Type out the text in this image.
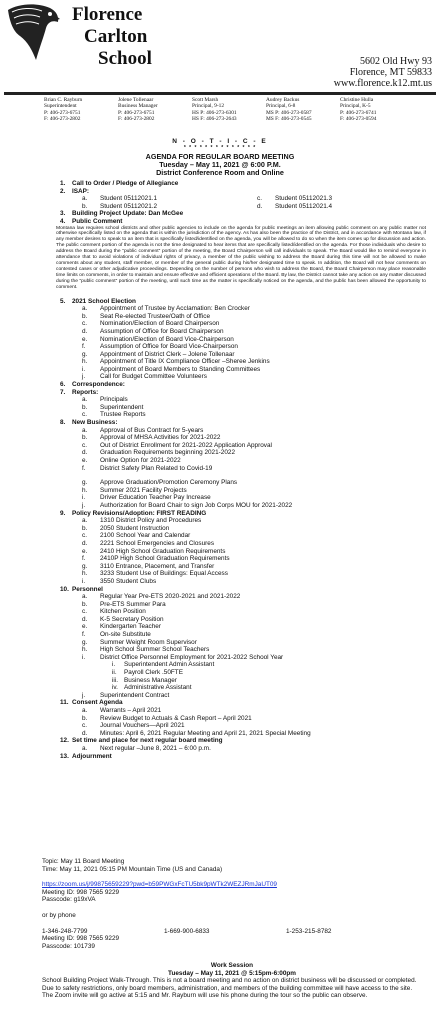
Florence
Carlton
School	5602 Old Hwy 93
Florence, MT 59833
www.florence.k12.mt.us
Brian C. Rayburn
Superintendent
P: 406-273-6751
F: 406-273-2802
Jolene Tollenaar
Business Manager
P: 406-273-6751
F: 406-273-2802
Scott Marsh
Principal, 9-12
HS P: 406-273-6301
HS F: 406-273-2643
Audrey Backus
Principal, 6-8
MS P: 406-273-0587
MS F: 406-273-0545
Christine Hulla
Principal, K-5
P: 406-273-6741
F: 406-273-0594
N - O - T - I - C - E
* * * * * * * * * * * * * *
AGENDA FOR REGULAR BOARD MEETING
Tuesday – May 11, 2021 @ 6:00 P.M.
District Conference Room and Online
1.	Call to Order / Pledge of Allegiance
2.	ISAP:
a.	Student 05112021.1	c.	Student 05112021.3
b.	Student 05112021.2	d.	Student 05112021.4
3.	Building Project Update: Dan McGee
4.	Public Comment
Montana law requires school districts and other public agencies to include on the agenda for public meetings an item allowing public comment on any public matter not otherwise specifically listed on the agenda that is within the jurisdiction of the agency. As has also been the practice of the District, and in accordance with Montana law, if any member desires to speak to an item that is specifically listed/identified on the agenda, you will be allowed to do so when the item comes up for discussion and action. The public comment portion of the agenda is not the time designated to hear items that are specifically listed/identified on the agenda. For those individuals who desire to address the Board during the “public comment” portion of the meeting, the Board Chairperson will call individuals to speak. The Board would like to remind everyone in attendance that to avoid violations of individual rights of privacy, a member of the public wishing to address the Board during this time will not be allowed to make comments about any student, staff member, or member of the general public during his/her designated time to speak. In addition, the Board will not hear comments on contested cases or other adjudicative proceedings. Depending on the number of persons who wish to address the Board, the Board Chairperson may place reasonable time limits on comments, in order to maintain and ensure effective and efficient operations of the Board. By law, the District cannot take any action on any matter discussed during the “public comment” portion of the meeting, until such time as the matter is specifically noticed on the agenda, and the public has been allowed the opportunity to comment.
5.	2021 School Election
a.	Appointment of Trustee by Acclamation: Ben Crocker
b.	Seat Re-elected Trustee/Oath of Office
c.	Nomination/Election of Board Chairperson
d.	Assumption of Office for Board Chairperson
e.	Nomination/Election of Board Vice-Chairperson
f.	Assumption of Office for Board Vice-Chairperson
g.	Appointment of District Clerk – Jolene Tollenaar
h.	Appointment of Title IX Compliance Officer –Sheree Jenkins
i.	Appointment of Board Members to Standing Committees
j.	Call for Budget Committee Volunteers
6.	Correspondence:
7.	Reports:
a.	Principals
b.	Superintendent
c.	Trustee Reports
8.	New Business:
a.	Approval of Bus Contract for 5-years
b.	Approval of MHSA Activities for 2021-2022
c.	Out of District Enrollment for 2021-2022 Application Approval
d.	Graduation Requirements beginning 2021-2022
e.	Online Option for 2021-2022
f.	District Safety Plan Related to Covid-19
g.	Approve Graduation/Promotion Ceremony Plans
h.	Summer 2021 Facility Projects
i.	Driver Education Teacher Pay Increase
j.	Authorization for Board Chair to sign Job Corps MOU for 2021-2022
9.	Policy Revisions/Adoption: FIRST READING
a.	1310 District Policy and Procedures
b.	2050 Student Instruction
c.	2100 School Year and Calendar
d.	2221 School Emergencies and Closures
e.	2410 High School Graduation Requirements
f.	2410P High School Graduation Requirements
g.	3110 Entrance, Placement, and Transfer
h.	3233 Student Use of Buildings: Equal Access
i.	3550 Student Clubs
10. Personnel
a.	Regular Year Pre-ETS 2020-2021 and 2021-2022
b.	Pre-ETS Summer Para
c.	Kitchen Position
d.	K-5 Secretary Position
e.	Kindergarten Teacher
f.	On-site Substitute
g.	Summer Weight Room Supervisor
h.	High School Summer School Teachers
i.	District Office Personnel Employment for 2021-2022 School Year
i.	Superintendent Admin Assistant
ii.	Payroll Clerk .50FTE
iii. Business Manager
iv. Administrative Assistant
j.	Superintendent Contract
11. Consent Agenda
a.	Warrants – April 2021
b.	Review Budget to Actuals & Cash Report – April 2021
c.	Journal Vouchers—April 2021
d.	Minutes: April 6, 2021 Regular Meeting and April 21, 2021 Special Meeting
12. Set time and place for next regular board meeting
a.	Next regular –June 8, 2021 – 6:00 p.m.
13. Adjournment
Topic: May 11 Board Meeting
Time: May 11, 2021 05:15 PM Mountain Time (US and Canada)
https://zoom.us/j/99875659229?pwd=b59PWGxFcTU5bk9pWTk2WEZJRmJaUT09
Meeting ID: 998 7565 9229
Passcode: g19xVA
or by phone
1-346-248-7799	1-669-900-6833	1-253-215-8782
Meeting ID: 998 7565 9229
Passcode: 101739
Work Session
Tuesday – May 11, 2021 @ 5:15pm-6:00pm
School Building Project Walk-Through. This is not a board meeting and no action on district business will be discussed or completed. Due to safety restrictions, only board members, administration, and members of the building committee will have access to the site. The Zoom invite will go active at 5:15 and Mr. Rayburn will use his phone during the tour so the public can observe.
